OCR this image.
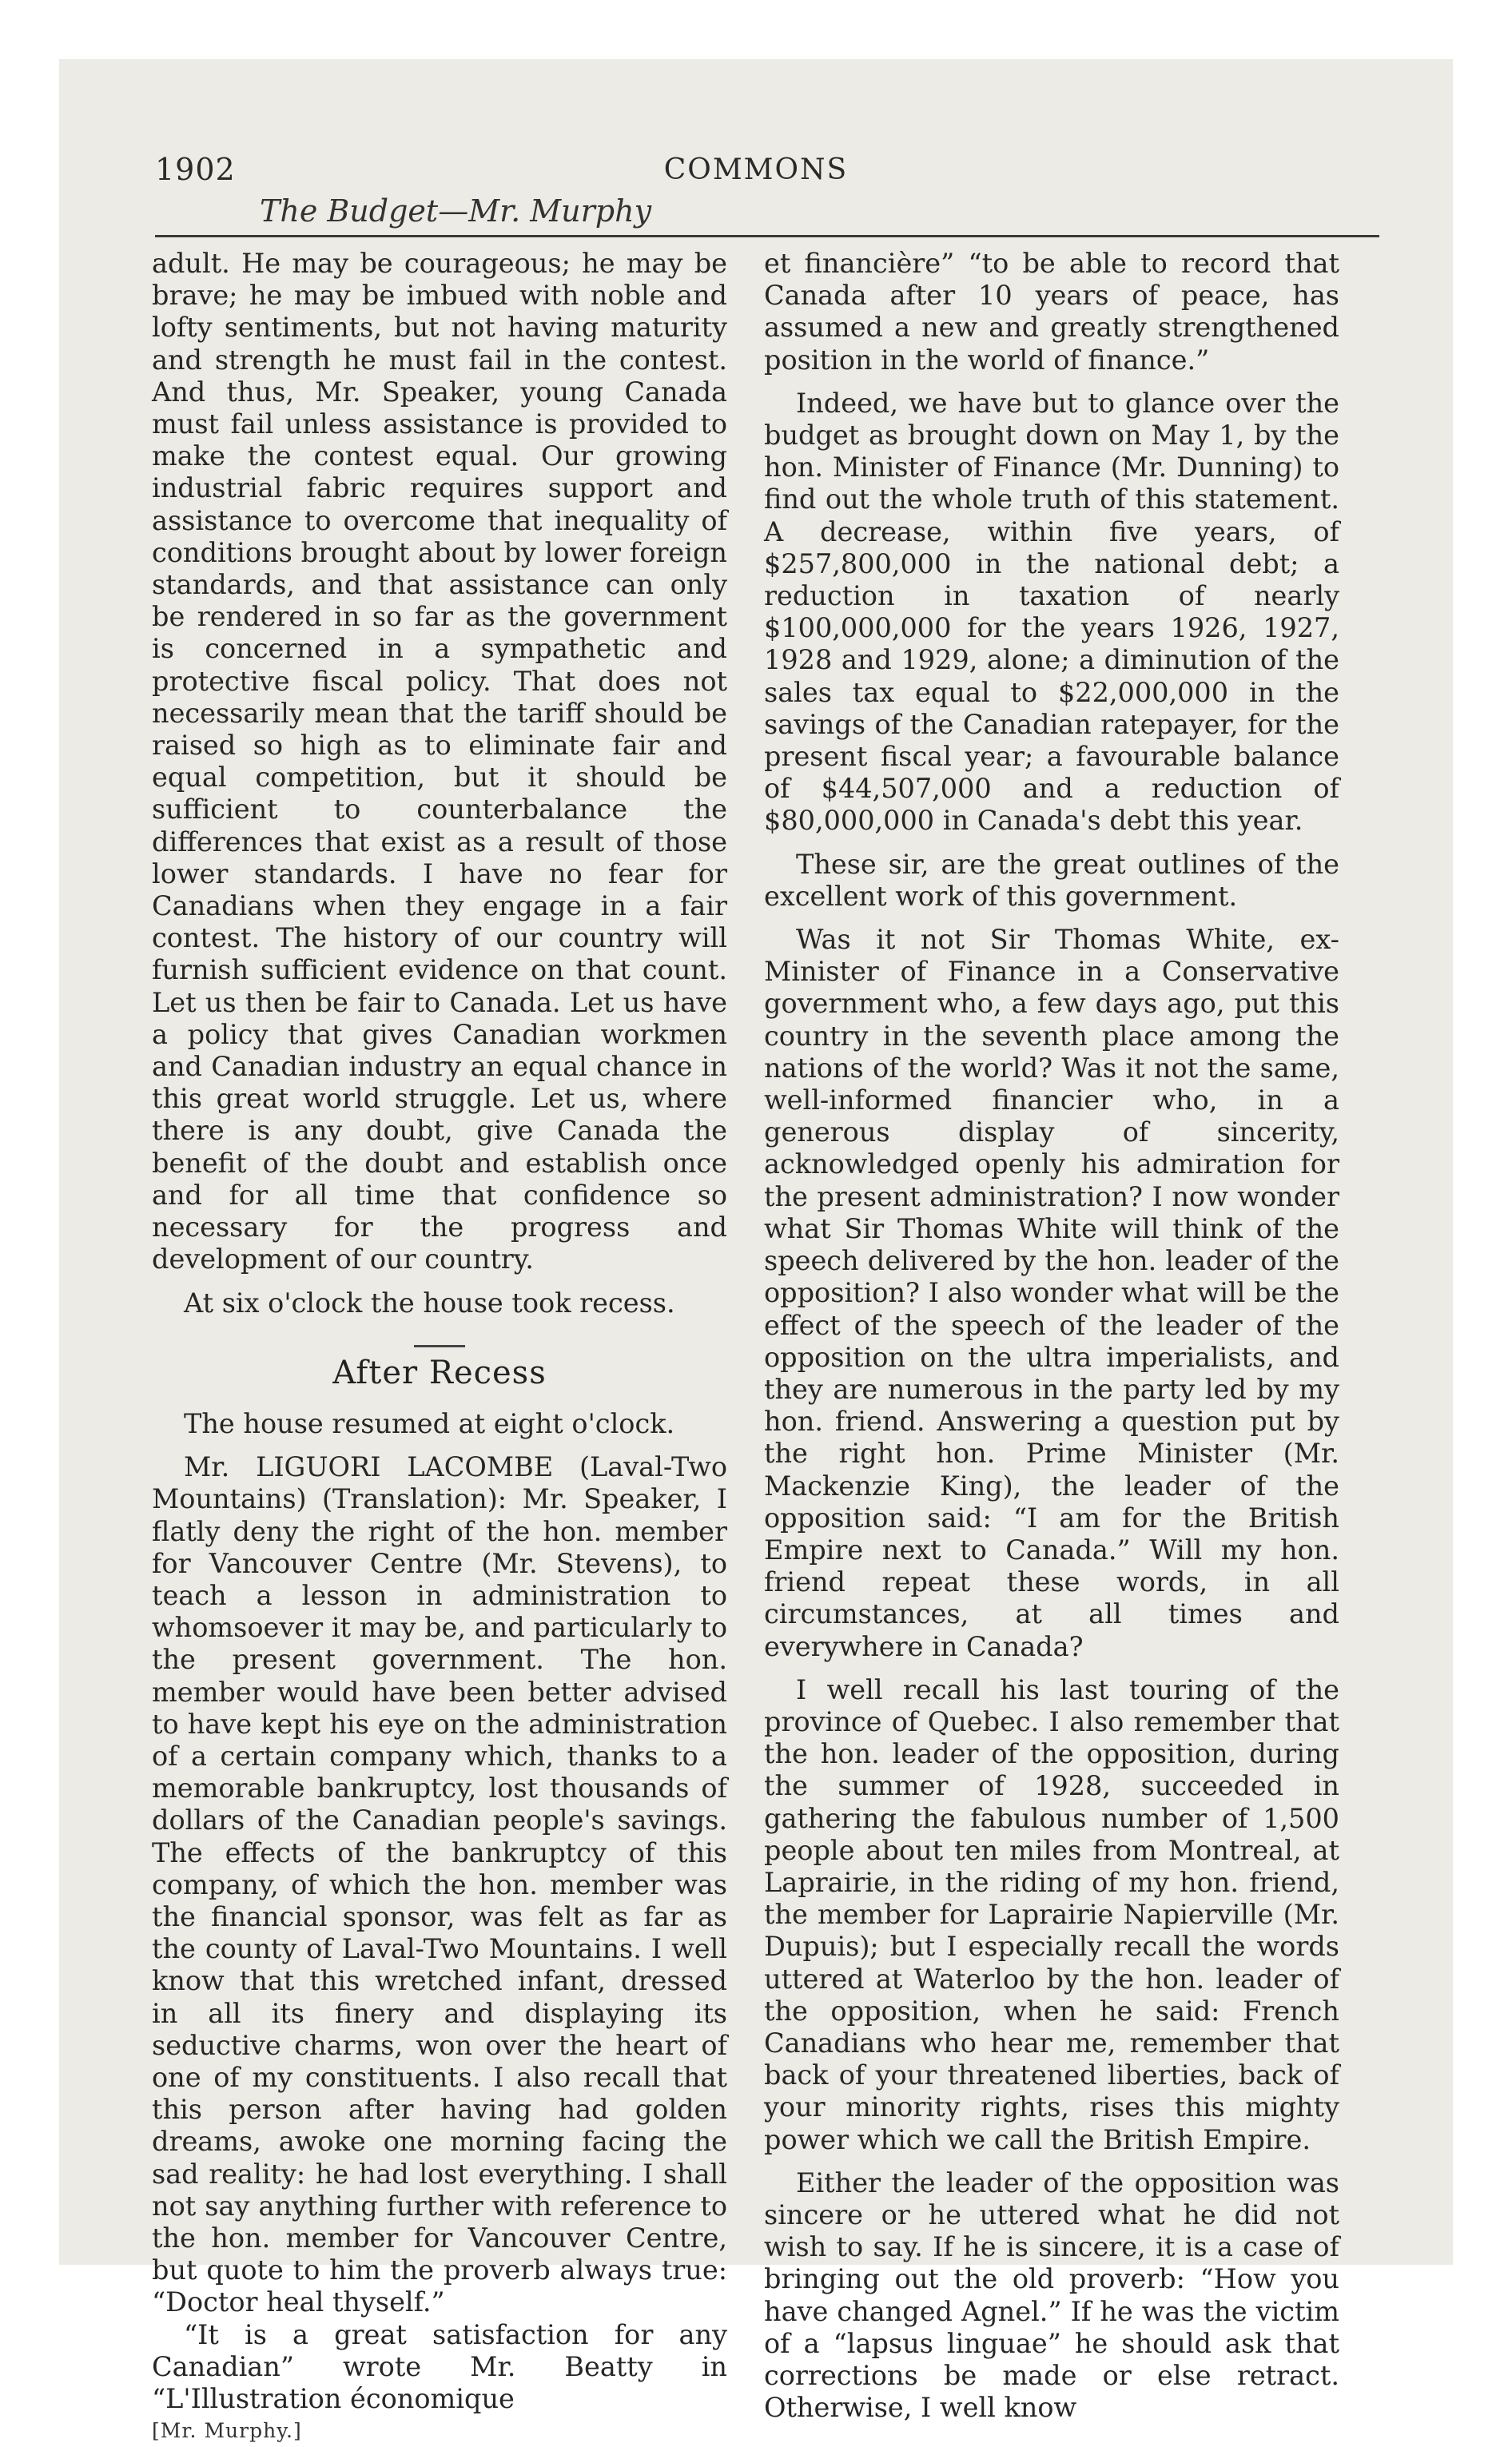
1902	COMMONS
The Budget—Mr. Murphy

adult. He may be courageous; he may be brave; he may be imbued with noble and lofty sentiments, but not having maturity and strength he must fail in the contest. And thus, Mr. Speaker, young Canada must fail unless assistance is provided to make the contest equal. Our growing industrial fabric requires support and assistance to overcome that inequality of conditions brought about by lower foreign standards, and that assistance can only be rendered in so far as the government is concerned in a sympathetic and protective fiscal policy. That does not necessarily mean that the tariff should be raised so high as to eliminate fair and equal competition, but it should be sufficient to counterbalance the differences that exist as a result of those lower standards. I have no fear for Canadians when they engage in a fair contest. The history of our country will furnish sufficient evidence on that count. Let us then be fair to Canada. Let us have a policy that gives Canadian workmen and Canadian industry an equal chance in this great world struggle. Let us, where there is any doubt, give Canada the benefit of the doubt and establish once and for all time that confidence so necessary for the progress and development of our country.

At six o'clock the house took recess.

After Recess

The house resumed at eight o'clock.

Mr. LIGUORI LACOMBE (Laval-Two Mountains) (Translation): Mr. Speaker, I flatly deny the right of the hon. member for Vancouver Centre (Mr. Stevens), to teach a lesson in administration to whomsoever it may be, and particularly to the present government. The hon. member would have been better advised to have kept his eye on the administration of a certain company which, thanks to a memorable bankruptcy, lost thousands of dollars of the Canadian people's savings. The effects of the bankruptcy of this company, of which the hon. member was the financial sponsor, was felt as far as the county of Laval-Two Mountains. I well know that this wretched infant, dressed in all its finery and displaying its seductive charms, won over the heart of one of my constituents. I also recall that this person after having had golden dreams, awoke one morning facing the sad reality: he had lost everything. I shall not say anything further with reference to the hon. member for Vancouver Centre, but quote to him the proverb always true: “Doctor heal thyself.”

“It is a great satisfaction for any Canadian” wrote Mr. Beatty in “L'Illustration économique

[Mr. Murphy.]

et financière” “to be able to record that Canada after 10 years of peace, has assumed a new and greatly strengthened position in the world of finance.”

Indeed, we have but to glance over the budget as brought down on May 1, by the hon. Minister of Finance (Mr. Dunning) to find out the whole truth of this statement. A decrease, within five years, of $257,800,000 in the national debt; a reduction in taxation of nearly $100,000,000 for the years 1926, 1927, 1928 and 1929, alone; a diminution of the sales tax equal to $22,000,000 in the savings of the Canadian ratepayer, for the present fiscal year; a favourable balance of $44,507,000 and a reduction of $80,000,000 in Canada's debt this year.

These sir, are the great outlines of the excellent work of this government.

Was it not Sir Thomas White, ex-Minister of Finance in a Conservative government who, a few days ago, put this country in the seventh place among the nations of the world? Was it not the same, well-informed financier who, in a generous display of sincerity, acknowledged openly his admiration for the present administration? I now wonder what Sir Thomas White will think of the speech delivered by the hon. leader of the opposition? I also wonder what will be the effect of the speech of the leader of the opposition on the ultra imperialists, and they are numerous in the party led by my hon. friend. Answering a question put by the right hon. Prime Minister (Mr. Mackenzie King), the leader of the opposition said: “I am for the British Empire next to Canada.” Will my hon. friend repeat these words, in all circumstances, at all times and everywhere in Canada?

I well recall his last touring of the province of Quebec. I also remember that the hon. leader of the opposition, during the summer of 1928, succeeded in gathering the fabulous number of 1,500 people about ten miles from Montreal, at Laprairie, in the riding of my hon. friend, the member for Laprairie Napierville (Mr. Dupuis); but I especially recall the words uttered at Waterloo by the hon. leader of the opposition, when he said: French Canadians who hear me, remember that back of your threatened liberties, back of your minority rights, rises this mighty power which we call the British Empire.

Either the leader of the opposition was sincere or he uttered what he did not wish to say. If he is sincere, it is a case of bringing out the old proverb: “How you have changed Agnel.” If he was the victim of a “lapsus linguae” he should ask that corrections be made or else retract. Otherwise, I well know
